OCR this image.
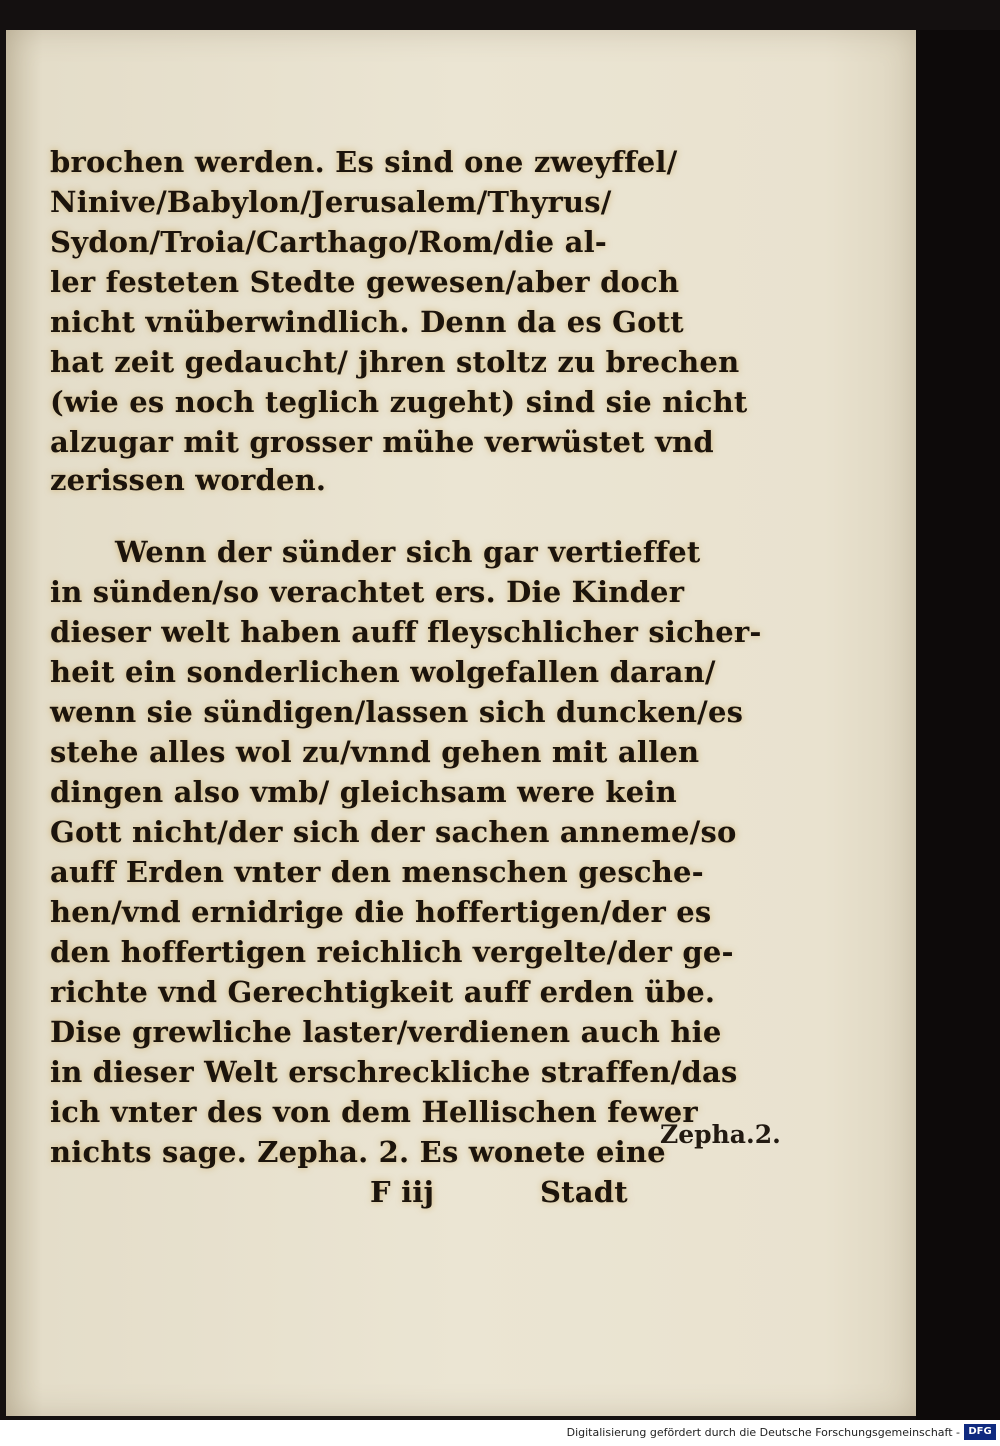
brochen werden. Es sind one zweyffel/
Ninive/Babylon/Jerusalem/Thyrus/
Sydon/Troia/Carthago/Rom/die al-
ler festeten Stedte gewesen/aber doch
nicht vnüberwindlich. Denn da es Gott
hat zeit gedaucht/ jhren stoltz zu brechen
(wie es noch teglich zugeht) sind sie nicht
alzugar mit grosser mühe verwüstet vnd
zerissen worden.
Wenn der sünder sich gar vertieffet
in sünden/so verachtet ers. Die Kinder
dieser welt haben auff fleyschlicher sicher-
heit ein sonderlichen wolgefallen daran/
wenn sie sündigen/lassen sich duncken/es
stehe alles wol zu/vnnd gehen mit allen
dingen also vmb/ gleichsam were kein
Gott nicht/der sich der sachen anneme/so
auff Erden vnter den menschen gesche-
hen/vnd ernidrige die hoffertigen/der es
den hoffertigen reichlich vergelte/der ge-
richte vnd Gerechtigkeit auff erden übe.
Dise grewliche laster/verdienen auch hie
in dieser Welt erschreckliche straffen/das
ich vnter des von dem Hellischen fewer
nichts sage. Zepha. 2. Es wonete eine
F iij	Stadt
Zepha.2.
Digitalisierung gefördert durch die Deutsche Forschungsgemeinschaft - DFG
